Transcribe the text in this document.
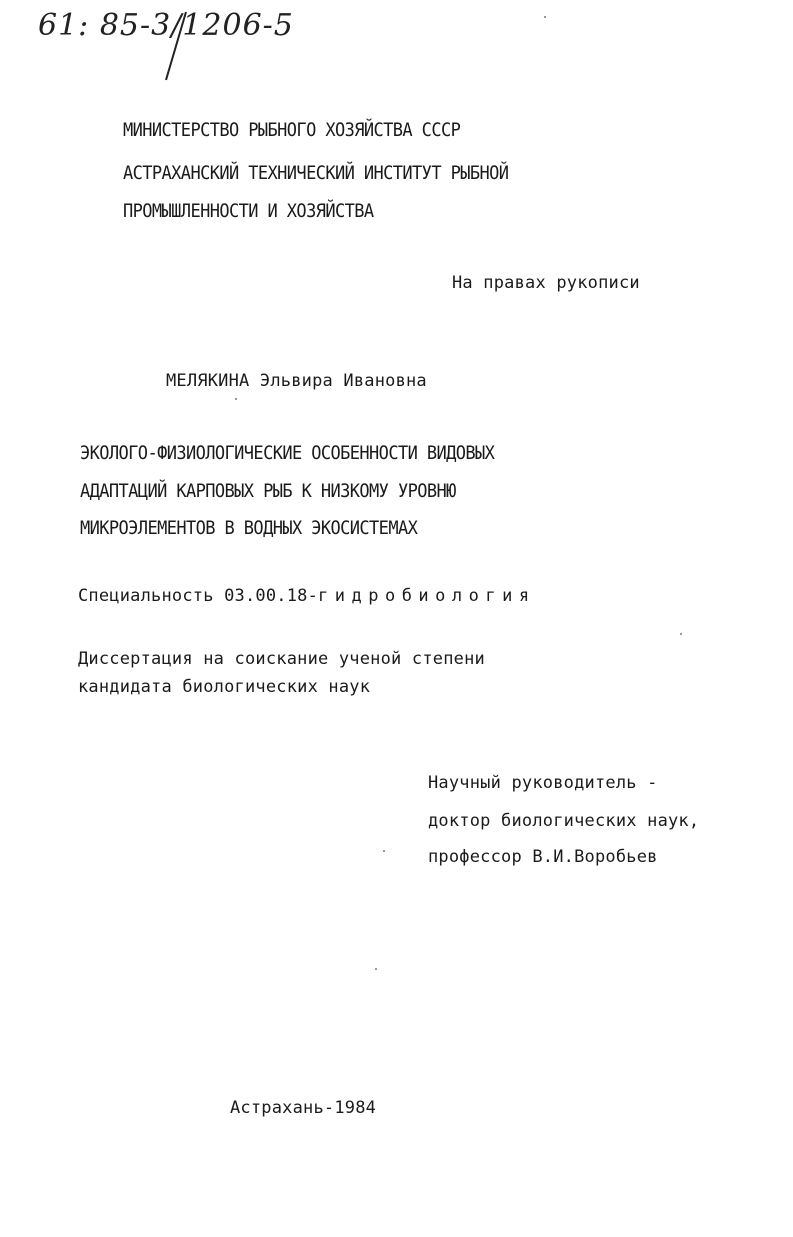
61: 85-3/1206-5
МИНИСТЕРСТВО РЫБНОГО ХОЗЯЙСТВА СССР
АСТРАХАНСКИЙ ТЕХНИЧЕСКИЙ ИНСТИТУТ РЫБНОЙ
ПРОМЫШЛЕННОСТИ И ХОЗЯЙСТВА
На правах рукописи
МЕЛЯКИНА Эльвира Ивановна
ЭКОЛОГО-ФИЗИОЛОГИЧЕСКИЕ ОСОБЕННОСТИ ВИДОВЫХ
АДАПТАЦИЙ КАРПОВЫХ РЫБ К НИЗКОМУ УРОВНЮ
МИКРОЭЛЕМЕНТОВ В ВОДНЫХ ЭКОСИСТЕМАХ
Специальность 03.00.18-гидробиология
Диссертация на соискание ученой степени
кандидата биологических наук
Научный руководитель -
доктор биологических наук,
профессор В.И.Воробьев
Астрахань-1984
